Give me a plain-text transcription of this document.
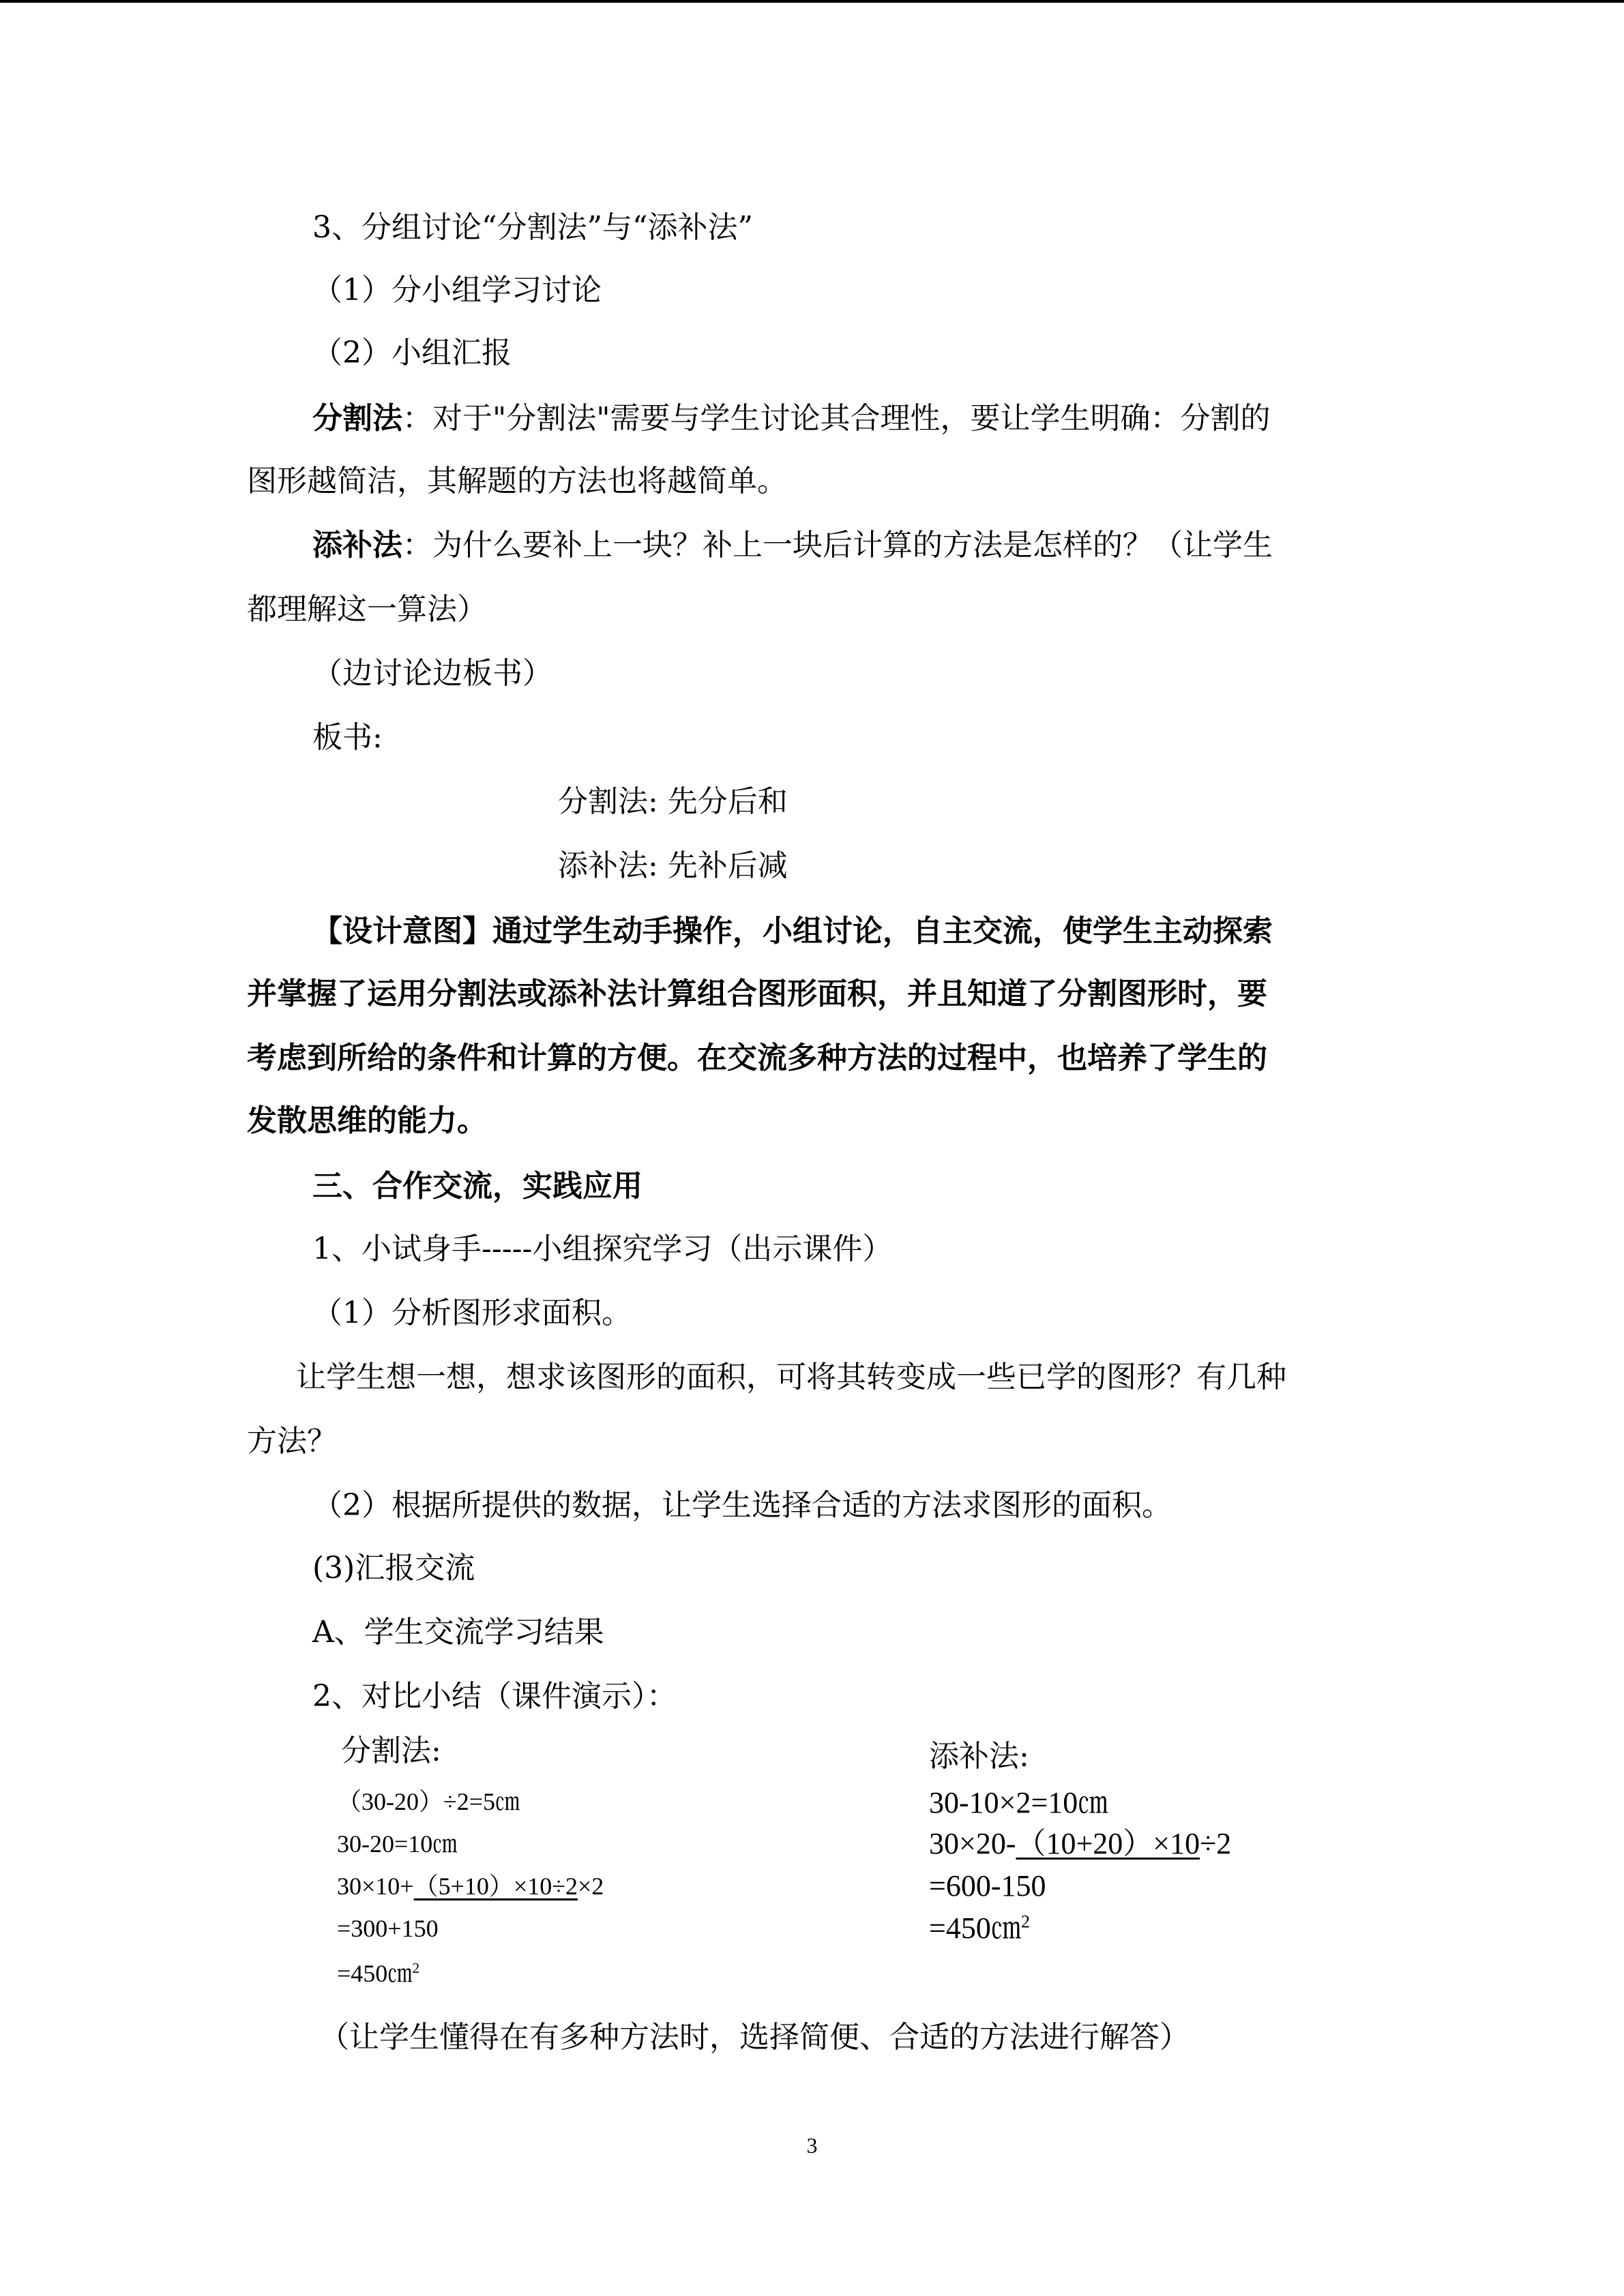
3、分组讨论“分割法”与“添补法”
（1）分小组学习讨论
（2）小组汇报
分割法：对于"分割法"需要与学生讨论其合理性，要让学生明确：分割的
图形越简洁，其解题的方法也将越简单。
添补法：为什么要补上一块？补上一块后计算的方法是怎样的？（让学生
都理解这一算法）
（边讨论边板书）
板书:
分割法: 先分后和
添补法: 先补后减
【设计意图】通过学生动手操作，小组讨论，自主交流，使学生主动探索
并掌握了运用分割法或添补法计算组合图形面积，并且知道了分割图形时，要
考虑到所给的条件和计算的方便。在交流多种方法的过程中，也培养了学生的
发散思维的能力。
三、合作交流，实践应用
1、小试身手-----小组探究学习（出示课件）
（1）分析图形求面积。
让学生想一想，想求该图形的面积，可将其转变成一些已学的图形？有几种
方法？
（2）根据所提供的数据，让学生选择合适的方法求图形的面积。
(3)汇报交流
A、学生交流学习结果
2、对比小结（课件演示）：
分割法:
（30-20）÷2=5㎝
30-20=10㎝
30×10+（5+10）×10÷2×2
=300+150
=450㎝$^2$
添补法:
30-10×2=10㎝
30×20-（10+20）×10÷2
=600-150
=450㎝$^2$
（让学生懂得在有多种方法时，选择简便、合适的方法进行解答）
3
